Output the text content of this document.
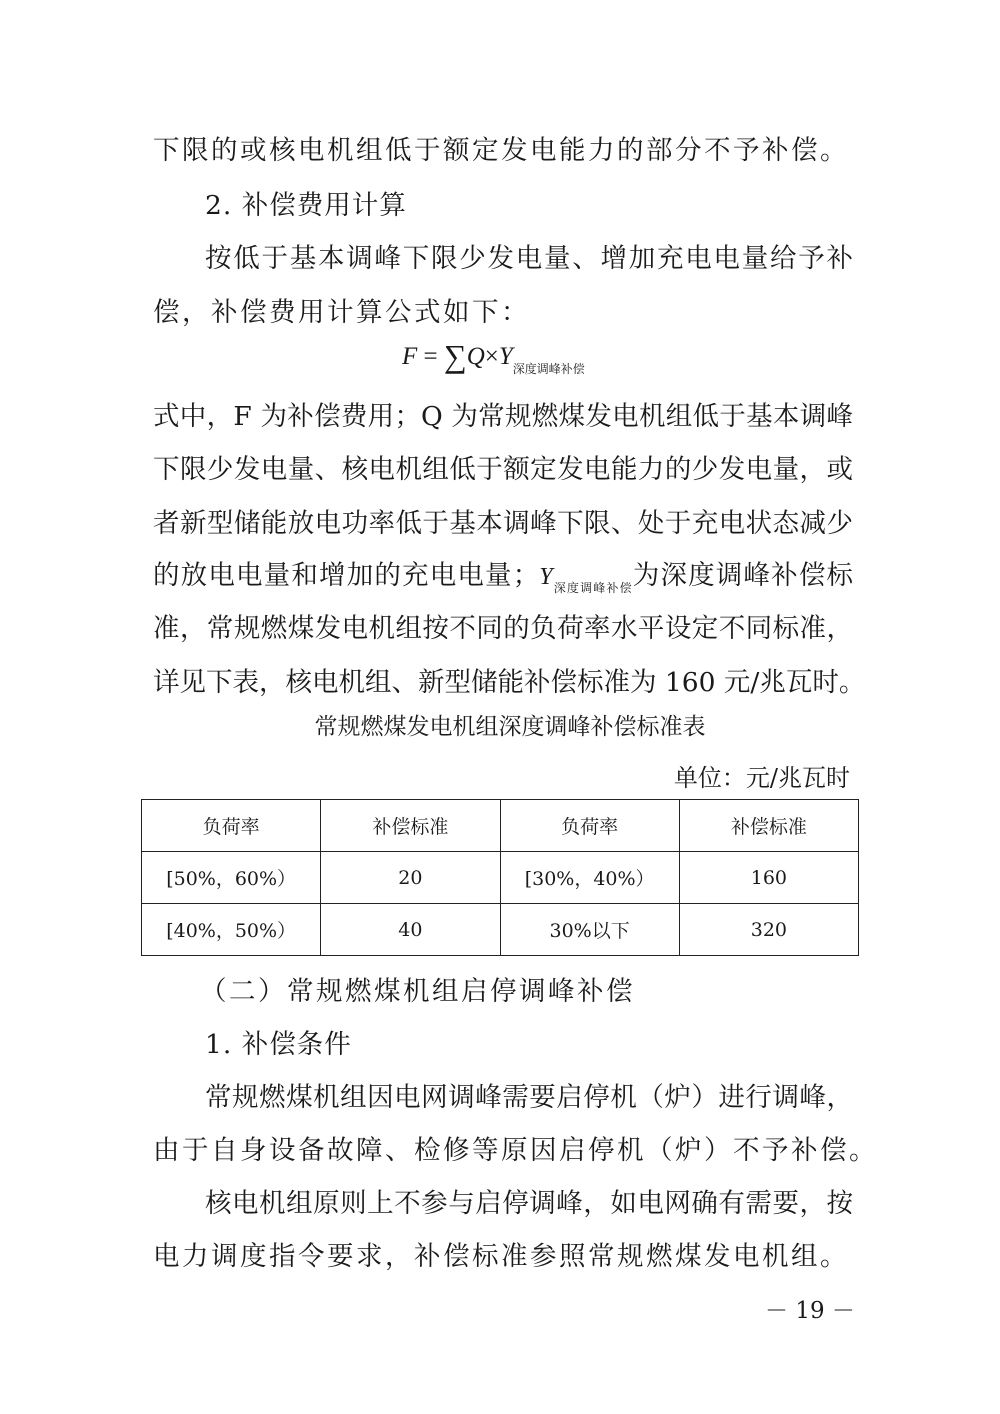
下限的或核电机组低于额定发电能力的部分不予补偿。
2. 补偿费用计算
按低于基本调峰下限少发电量、增加充电电量给予补
偿，补偿费用计算公式如下：
$F = \sum Q\times Y_{深度调峰补偿}$
式中，F 为补偿费用；Q 为常规燃煤发电机组低于基本调峰
下限少发电量、核电机组低于额定发电能力的少发电量，或
者新型储能放电功率低于基本调峰下限、处于充电状态减少
的放电电量和增加的充电电量；$Y_{深度调峰补偿}$为深度调峰补偿标
准，常规燃煤发电机组按不同的负荷率水平设定不同标准，
详见下表，核电机组、新型储能补偿标准为 160 元/兆瓦时。
常规燃煤发电机组深度调峰补偿标准表
单位：元/兆瓦时
负荷率	补偿标准	负荷率	补偿标准
[50%，60%）	20	[30%，40%）	160
[40%，50%）	40	30%以下	320
（二）常规燃煤机组启停调峰补偿
1. 补偿条件
常规燃煤机组因电网调峰需要启停机（炉）进行调峰，
由于自身设备故障、检修等原因启停机（炉）不予补偿。
核电机组原则上不参与启停调峰，如电网确有需要，按
电力调度指令要求，补偿标准参照常规燃煤发电机组。
－ 19 －
